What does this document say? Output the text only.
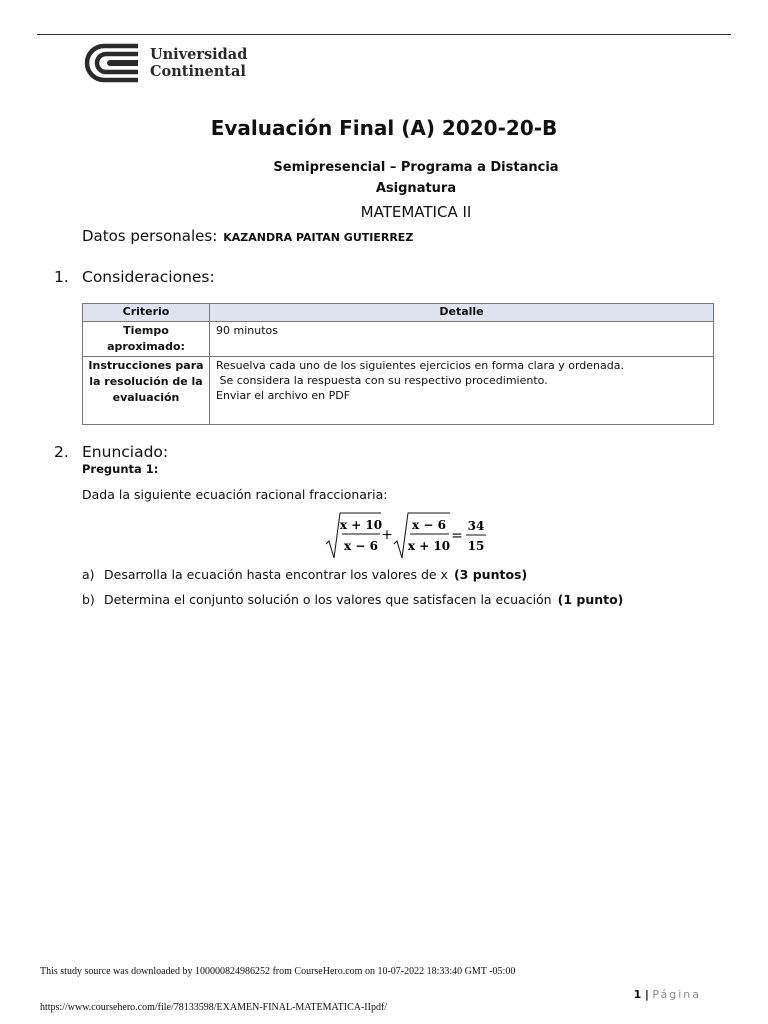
Universidad
Continental
Evaluación Final (A) 2020-20-B
Semipresencial – Programa a Distancia
Asignatura
MATEMATICA II
Datos personales: KAZANDRA PAITAN GUTIERREZ
1. Consideraciones:
Criterio	Detalle
Tiempo aproximado:	90 minutos

Instrucciones para la resolución de la evaluación	Resuelva cada uno de los siguientes ejercicios en forma clara y ordenada.
Se considera la respuesta con su respectivo procedimiento.
Enviar el archivo en PDF
2. Enunciado:
Pregunta 1:
Dada la siguiente ecuación racional fraccionaria:
x + 10
x − 6
+
x − 6
x + 10
=
34
15
a) Desarrolla la ecuación hasta encontrar los valores de x (3 puntos)
b) Determina el conjunto solución o los valores que satisfacen la ecuación (1 punto)
This study source was downloaded by 100000824986252 from CourseHero.com on 10-07-2022 18:33:40 GMT -05:00
1 | Página
https://www.coursehero.com/file/78133598/EXAMEN-FINAL-MATEMATICA-IIpdf/
